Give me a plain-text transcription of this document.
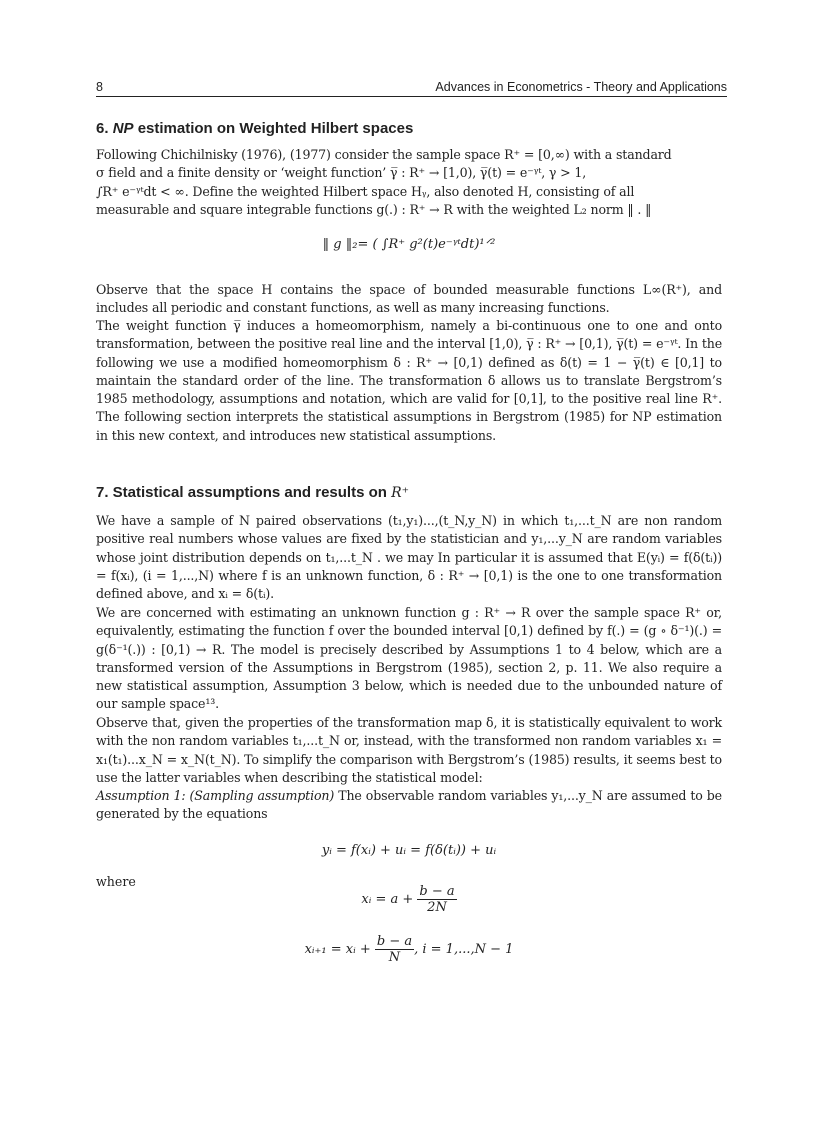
8	Advances in Econometrics - Theory and Applications
6. NP estimation on Weighted Hilbert spaces
Following Chichilnisky (1976), (1977) consider the sample space R⁺ = [0,∞) with a standard
σ field and a finite density or ‘weight function’ γ̅ : R⁺ → [1,0), γ̅(t) = e⁻ᵞᵗ, γ > 1,
∫R⁺ e⁻ᵞᵗdt < ∞. Define the weighted Hilbert space Hᵧ, also denoted H, consisting of all
measurable and square integrable functions g(.) : R⁺ → R with the weighted L₂ norm ‖ . ‖
‖ g ‖₂= ( ∫R⁺ g²(t)e⁻ᵞᵗdt)¹ᐟ²

Observe that the space H contains the space of bounded measurable functions L∞(R⁺), and includes all periodic and constant functions, as well as many increasing functions.

The weight function γ̅ induces a homeomorphism, namely a bi-continuous one to one and onto transformation, between the positive real line and the interval [1,0), γ̅ : R⁺ → [0,1), γ̅(t) = e⁻ᵞᵗ. In the following we use a modified homeomorphism δ : R⁺ → [0,1) defined as δ(t) = 1 − γ̅(t) ∈ [0,1] to maintain the standard order of the line. The transformation δ allows us to translate Bergstrom’s 1985 methodology, assumptions and notation, which are valid for [0,1], to the positive real line R⁺. The following section interprets the statistical assumptions in Bergstrom (1985) for NP estimation in this new context, and introduces new statistical assumptions.

7. Statistical assumptions and results on R⁺

We have a sample of N paired observations (t₁,y₁)...,(t_N,y_N) in which t₁,...t_N are non random positive real numbers whose values are fixed by the statistician and y₁,...y_N are random variables whose joint distribution depends on t₁,...t_N . we may In particular it is assumed that E(yᵢ) = f(δ(tᵢ)) = f(xᵢ), (i = 1,...,N) where f is an unknown function, δ : R⁺ → [0,1) is the one to one transformation defined above, and xᵢ = δ(tᵢ).

We are concerned with estimating an unknown function g : R⁺ → R over the sample space R⁺ or, equivalently, estimating the function f over the bounded interval [0,1) defined by f(.) = (g ∘ δ⁻¹)(.) = g(δ⁻¹(.)) : [0,1) → R. The model is precisely described by Assumptions 1 to 4 below, which are a transformed version of the Assumptions in Bergstrom (1985), section 2, p. 11. We also require a new statistical assumption, Assumption 3 below, which is needed due to the unbounded nature of our sample space¹³.

Observe that, given the properties of the transformation map δ, it is statistically equivalent to work with the non random variables t₁,...t_N or, instead, with the transformed non random variables x₁ = x₁(t₁)...x_N = x_N(t_N). To simplify the comparison with Bergstrom’s (1985) results, it seems best to use the latter variables when describing the statistical model:

Assumption 1: (Sampling assumption) The observable random variables y₁,...y_N are assumed to be generated by the equations

yᵢ = f(xᵢ) + uᵢ = f(δ(tᵢ)) + uᵢ
where
xᵢ = $a + \frac{b - a}{2N}$
xᵢ₊₁ = xᵢ + $\frac{b - a}{N}$ , i = 1,...,N − 1
